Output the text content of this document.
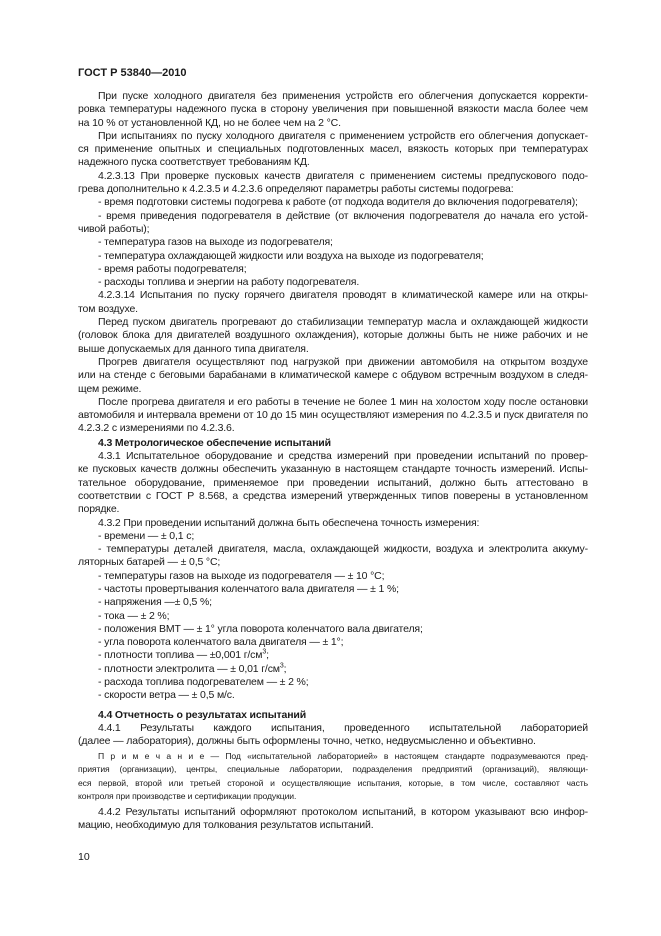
ГОСТ Р 53840—2010
При пуске холодного двигателя без применения устройств его облегчения допускается корректи-
ровка температуры надежного пуска в сторону увеличения при повышенной вязкости масла более чем
на 10 % от установленной КД, но не более чем на 2 °С.
При испытаниях по пуску холодного двигателя с применением устройств его облегчения допускает-
ся применение опытных и специальных подготовленных масел, вязкость которых при температурах
надежного пуска соответствует требованиям КД.
4.2.3.13 При проверке пусковых качеств двигателя с применением системы предпускового подо-
грева дополнительно к 4.2.3.5 и 4.2.3.6 определяют параметры работы системы подогрева:
- время подготовки системы подогрева к работе (от подхода водителя до включения подогревателя);
- время приведения подогревателя в действие (от включения подогревателя до начала его устой-
чивой работы);
- температура газов на выходе из подогревателя;
- температура охлаждающей жидкости или воздуха на выходе из подогревателя;
- время работы подогревателя;
- расходы топлива и энергии на работу подогревателя.
4.2.3.14 Испытания по пуску горячего двигателя проводят в климатической камере или на откры-
том воздухе.
Перед пуском двигатель прогревают до стабилизации температур масла и охлаждающей жидкости
(головок блока для двигателей воздушного охлаждения), которые должны быть не ниже рабочих и не
выше допускаемых для данного типа двигателя.
Прогрев двигателя осуществляют под нагрузкой при движении автомобиля на открытом воздухе
или на стенде с беговыми барабанами в климатической камере с обдувом встречным воздухом в следя-
щем режиме.
После прогрева двигателя и его работы в течение не более 1 мин на холостом ходу после остановки
автомобиля и интервала времени от 10 до 15 мин осуществляют измерения по 4.2.3.5 и пуск двигателя по
4.2.3.2 с измерениями по 4.2.3.6.
4.3 Метрологическое обеспечение испытаний
4.3.1 Испытательное оборудование и средства измерений при проведении испытаний по провер-
ке пусковых качеств должны обеспечить указанную в настоящем стандарте точность измерений. Испы-
тательное оборудование, применяемое при проведении испытаний, должно быть аттестовано в
соответствии с ГОСТ Р 8.568, а средства измерений утвержденных типов поверены в установленном
порядке.
4.3.2 При проведении испытаний должна быть обеспечена точность измерения:
- времени — ± 0,1 с;
- температуры деталей двигателя, масла, охлаждающей жидкости, воздуха и электролита аккуму-
ляторных батарей — ± 0,5 °С;
- температуры газов на выходе из подогревателя — ± 10 °С;
- частоты провертывания коленчатого вала двигателя — ± 1 %;
- напряжения —± 0,5 %;
- тока — ± 2 %;
- положения ВМТ — ± 1° угла поворота коленчатого вала двигателя;
- угла поворота коленчатого вала двигателя — ± 1°;
- плотности топлива — ±0,001 $г/см^3$;
- плотности электролита — ± 0,01 $г/см^3$;
- расхода топлива подогревателем — ± 2 %;
- скорости ветра — ± 0,5 м/с.
4.4 Отчетность о результатах испытаний
4.4.1 Результаты каждого испытания, проведенного испытательной лабораторией
(далее — лаборатория), должны быть оформлены точно, четко, недвусмысленно и объективно.
П р и м е ч а н и е — Под «испытательной лабораторией» в настоящем стандарте подразумеваются пред-
приятия (организации), центры, специальные лаборатории, подразделения предприятий (организаций), являющи-
еся первой, второй или третьей стороной и осуществляющие испытания, которые, в том числе, составляют часть
контроля при производстве и сертификации продукции.
4.4.2 Результаты испытаний оформляют протоколом испытаний, в котором указывают всю инфор-
мацию, необходимую для толкования результатов испытаний.
10
